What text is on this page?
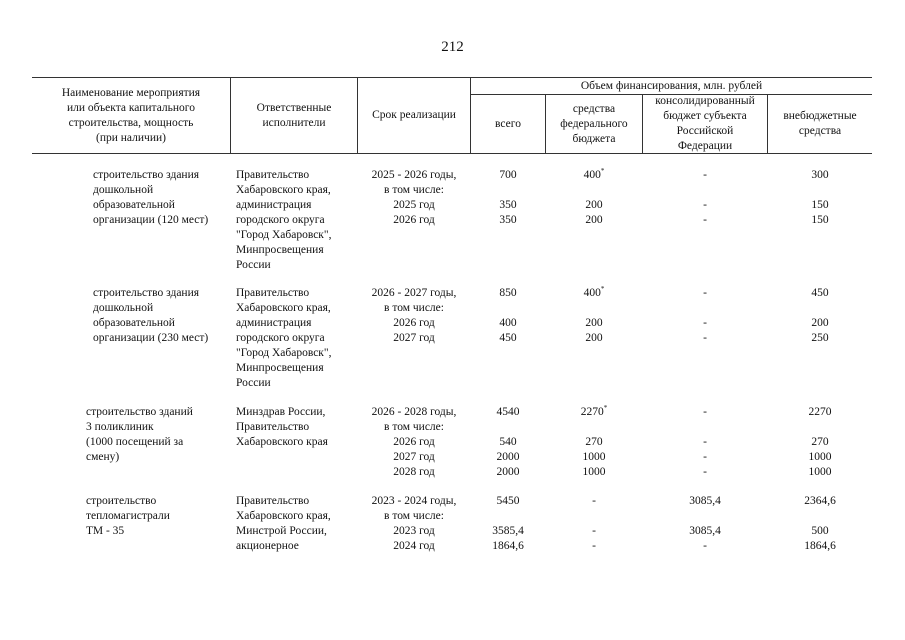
212
Наименование мероприятия
или объекта капитального
строительства, мощность
(при наличии)
Ответственные
исполнители
Срок реализации
Объем финансирования, млн. рублей
всего
средства
федерального
бюджета
консолидированный
бюджет субъекта
Российской
Федерации
внебюджетные
средства
строительство здания
дошкольной
образовательной
организации (120 мест)
Правительство
Хабаровского края,
администрация
городского округа
"Город Хабаровск",
Минпросвещения
России
2025 - 2026 годы,
в том числе:
2025 год
2026 год
700

350
350
400*

200
200
-

-
-
300

150
150
строительство здания
дошкольной
образовательной
организации (230 мест)
Правительство
Хабаровского края,
администрация
городского округа
"Город Хабаровск",
Минпросвещения
России
2026 - 2027 годы,
в том числе:
2026 год
2027 год
850

400
450
400*

200
200
-

-
-
450

200
250
строительство зданий
3 поликлиник
(1000 посещений за
смену)
Минздрав России,
Правительство
Хабаровского края
2026 - 2028 годы,
в том числе:
2026 год
2027 год
2028 год
4540

540
2000
2000
2270*

270
1000
1000
-

-
-
-
2270

270
1000
1000
строительство
тепломагистрали
ТМ - 35
Правительство
Хабаровского края,
Минстрой России,
акционерное
2023 - 2024 годы,
в том числе:
2023 год
2024 год
5450

3585,4
1864,6
-

-
-
3085,4

3085,4
-
2364,6

500
1864,6
